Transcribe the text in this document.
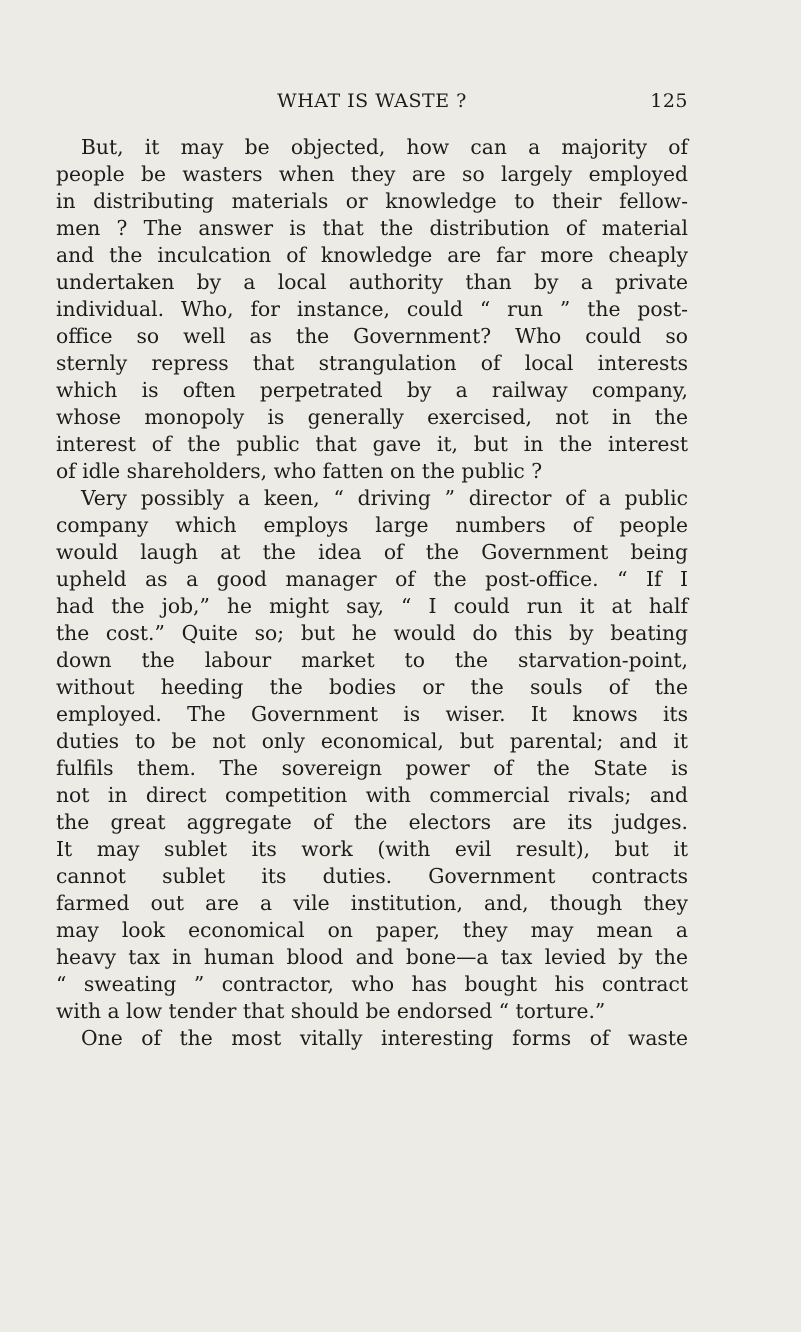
WHAT IS WASTE ?	125
But, it may be objected, how can a majority of
people be wasters when they are so largely employed
in distributing materials or knowledge to their fellow-
men ? The answer is that the distribution of material
and the inculcation of knowledge are far more cheaply
undertaken by a local authority than by a private
individual. Who, for instance, could “ run ” the post-
office so well as the Government? Who could so
sternly repress that strangulation of local interests
which is often perpetrated by a railway company,
whose monopoly is generally exercised, not in the
interest of the public that gave it, but in the interest
of idle shareholders, who fatten on the public ?
Very possibly a keen, “ driving ” director of a public
company which employs large numbers of people
would laugh at the idea of the Government being
upheld as a good manager of the post-office. “ If I
had the job,” he might say, “ I could run it at half
the cost.” Quite so; but he would do this by beating
down the labour market to the starvation-point,
without heeding the bodies or the souls of the
employed. The Government is wiser. It knows its
duties to be not only economical, but parental; and it
fulfils them. The sovereign power of the State is
not in direct competition with commercial rivals; and
the great aggregate of the electors are its judges.
It may sublet its work (with evil result), but it
cannot sublet its duties. Government contracts
farmed out are a vile institution, and, though they
may look economical on paper, they may mean a
heavy tax in human blood and bone—a tax levied by the
“ sweating ” contractor, who has bought his contract
with a low tender that should be endorsed “ torture.”
One of the most vitally interesting forms of waste
